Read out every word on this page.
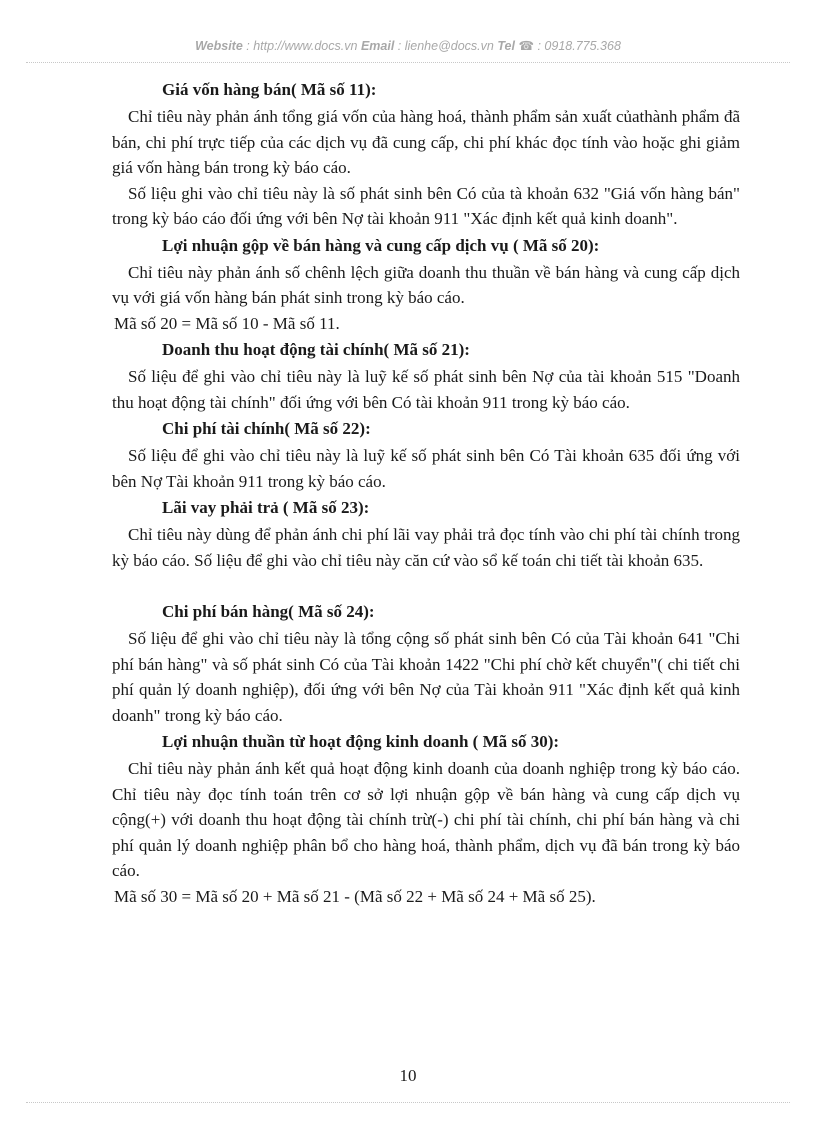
Website : http://www.docs.vn Email : lienhe@docs.vn Tel ☎ : 0918.775.368

Giá vốn hàng bán( Mã số 11):

Chỉ tiêu này phản ánh tổng giá vốn của hàng hoá, thành phẩm sản xuất củathành phẩm đã bán, chi phí trực tiếp của các dịch vụ đã cung cấp, chi phí khác đọc tính vào hoặc ghi giảm giá vốn hàng bán trong kỳ báo cáo.

Số liệu ghi vào chỉ tiêu này là số phát sinh bên Có của tà khoản 632 "Giá vốn hàng bán" trong kỳ báo cáo đối ứng với bên Nợ tài khoản 911 "Xác định kết quả kinh doanh".

Lợi nhuận gộp về bán hàng và cung cấp dịch vụ ( Mã số 20):

Chỉ tiêu này phản ánh số chênh lệch giữa doanh thu thuần về bán hàng và cung cấp dịch vụ với giá vốn hàng bán phát sinh trong kỳ báo cáo.

Mã số 20 = Mã số 10 - Mã số 11.

Doanh thu hoạt động tài chính( Mã số 21):

Số liệu để ghi vào chỉ tiêu này là luỹ kế số phát sinh bên Nợ của tài khoản 515 "Doanh thu hoạt động tài chính" đối ứng với bên Có tài khoản 911 trong kỳ báo cáo.

Chi phí tài chính( Mã số 22):

Số liệu để ghi vào chỉ tiêu này là luỹ kế số phát sinh bên Có Tài khoản 635 đối ứng với bên Nợ Tài khoản 911 trong kỳ báo cáo.

Lãi vay phải trả ( Mã số 23):

Chỉ tiêu này dùng để phản ánh chi phí lãi vay phải trả đọc tính vào chi phí tài chính trong kỳ báo cáo. Số liệu để ghi vào chỉ tiêu này căn cứ vào sổ kế toán chi tiết tài khoản 635.

Chi phí bán hàng( Mã số 24):

Số liệu để ghi vào chỉ tiêu này là tổng cộng số phát sinh bên Có của Tài khoản 641 "Chi phí bán hàng" và số phát sinh Có của Tài khoản 1422 "Chi phí chờ kết chuyển"( chi tiết chi phí quản lý doanh nghiệp), đối ứng với bên Nợ của Tài khoản 911 "Xác định kết quả kinh doanh" trong kỳ báo cáo.

Lợi nhuận thuần từ hoạt động kinh doanh ( Mã số 30):

Chỉ tiêu này phản ánh kết quả hoạt động kinh doanh của doanh nghiệp trong kỳ báo cáo. Chỉ tiêu này đọc tính toán trên cơ sở lợi nhuận gộp về bán hàng và cung cấp dịch vụ cộng(+) với doanh thu hoạt động tài chính trừ(-) chi phí tài chính, chi phí bán hàng và chi phí quản lý doanh nghiệp phân bổ cho hàng hoá, thành phẩm, dịch vụ đã bán trong kỳ báo cáo.

Mã số 30 = Mã số 20 + Mã số 21 - (Mã số 22 + Mã số 24 + Mã số 25).

10
